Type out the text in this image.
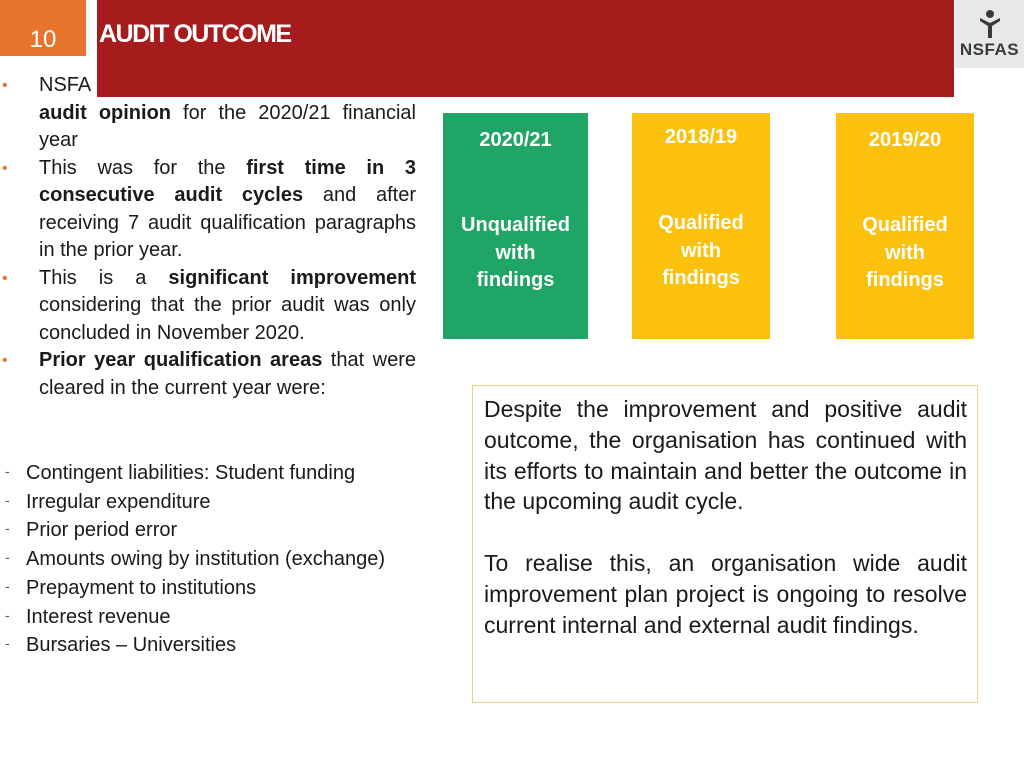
10	AUDIT OUTCOME
NSFAS
• NSFA
audit opinion for the 2020/21 financial year
• This was for the first time in 3 consecutive audit cycles and after receiving 7 audit qualification paragraphs in the prior year.
• This is a significant improvement considering that the prior audit was only concluded in November 2020.
• Prior year qualification areas that were cleared in the current year were:
- Contingent liabilities: Student funding
- Irregular expenditure
- Prior period error
- Amounts owing by institution (exchange)
- Prepayment to institutions
- Interest revenue
- Bursaries – Universities
2020/21
Unqualified
with
findings
2018/19
Qualified
with
findings
2019/20
Qualified
with
findings

Despite the improvement and positive audit outcome, the organisation has continued with its efforts to maintain and better the outcome in the upcoming audit cycle.

To realise this, an organisation wide audit improvement plan project is ongoing to resolve current internal and external audit findings.
